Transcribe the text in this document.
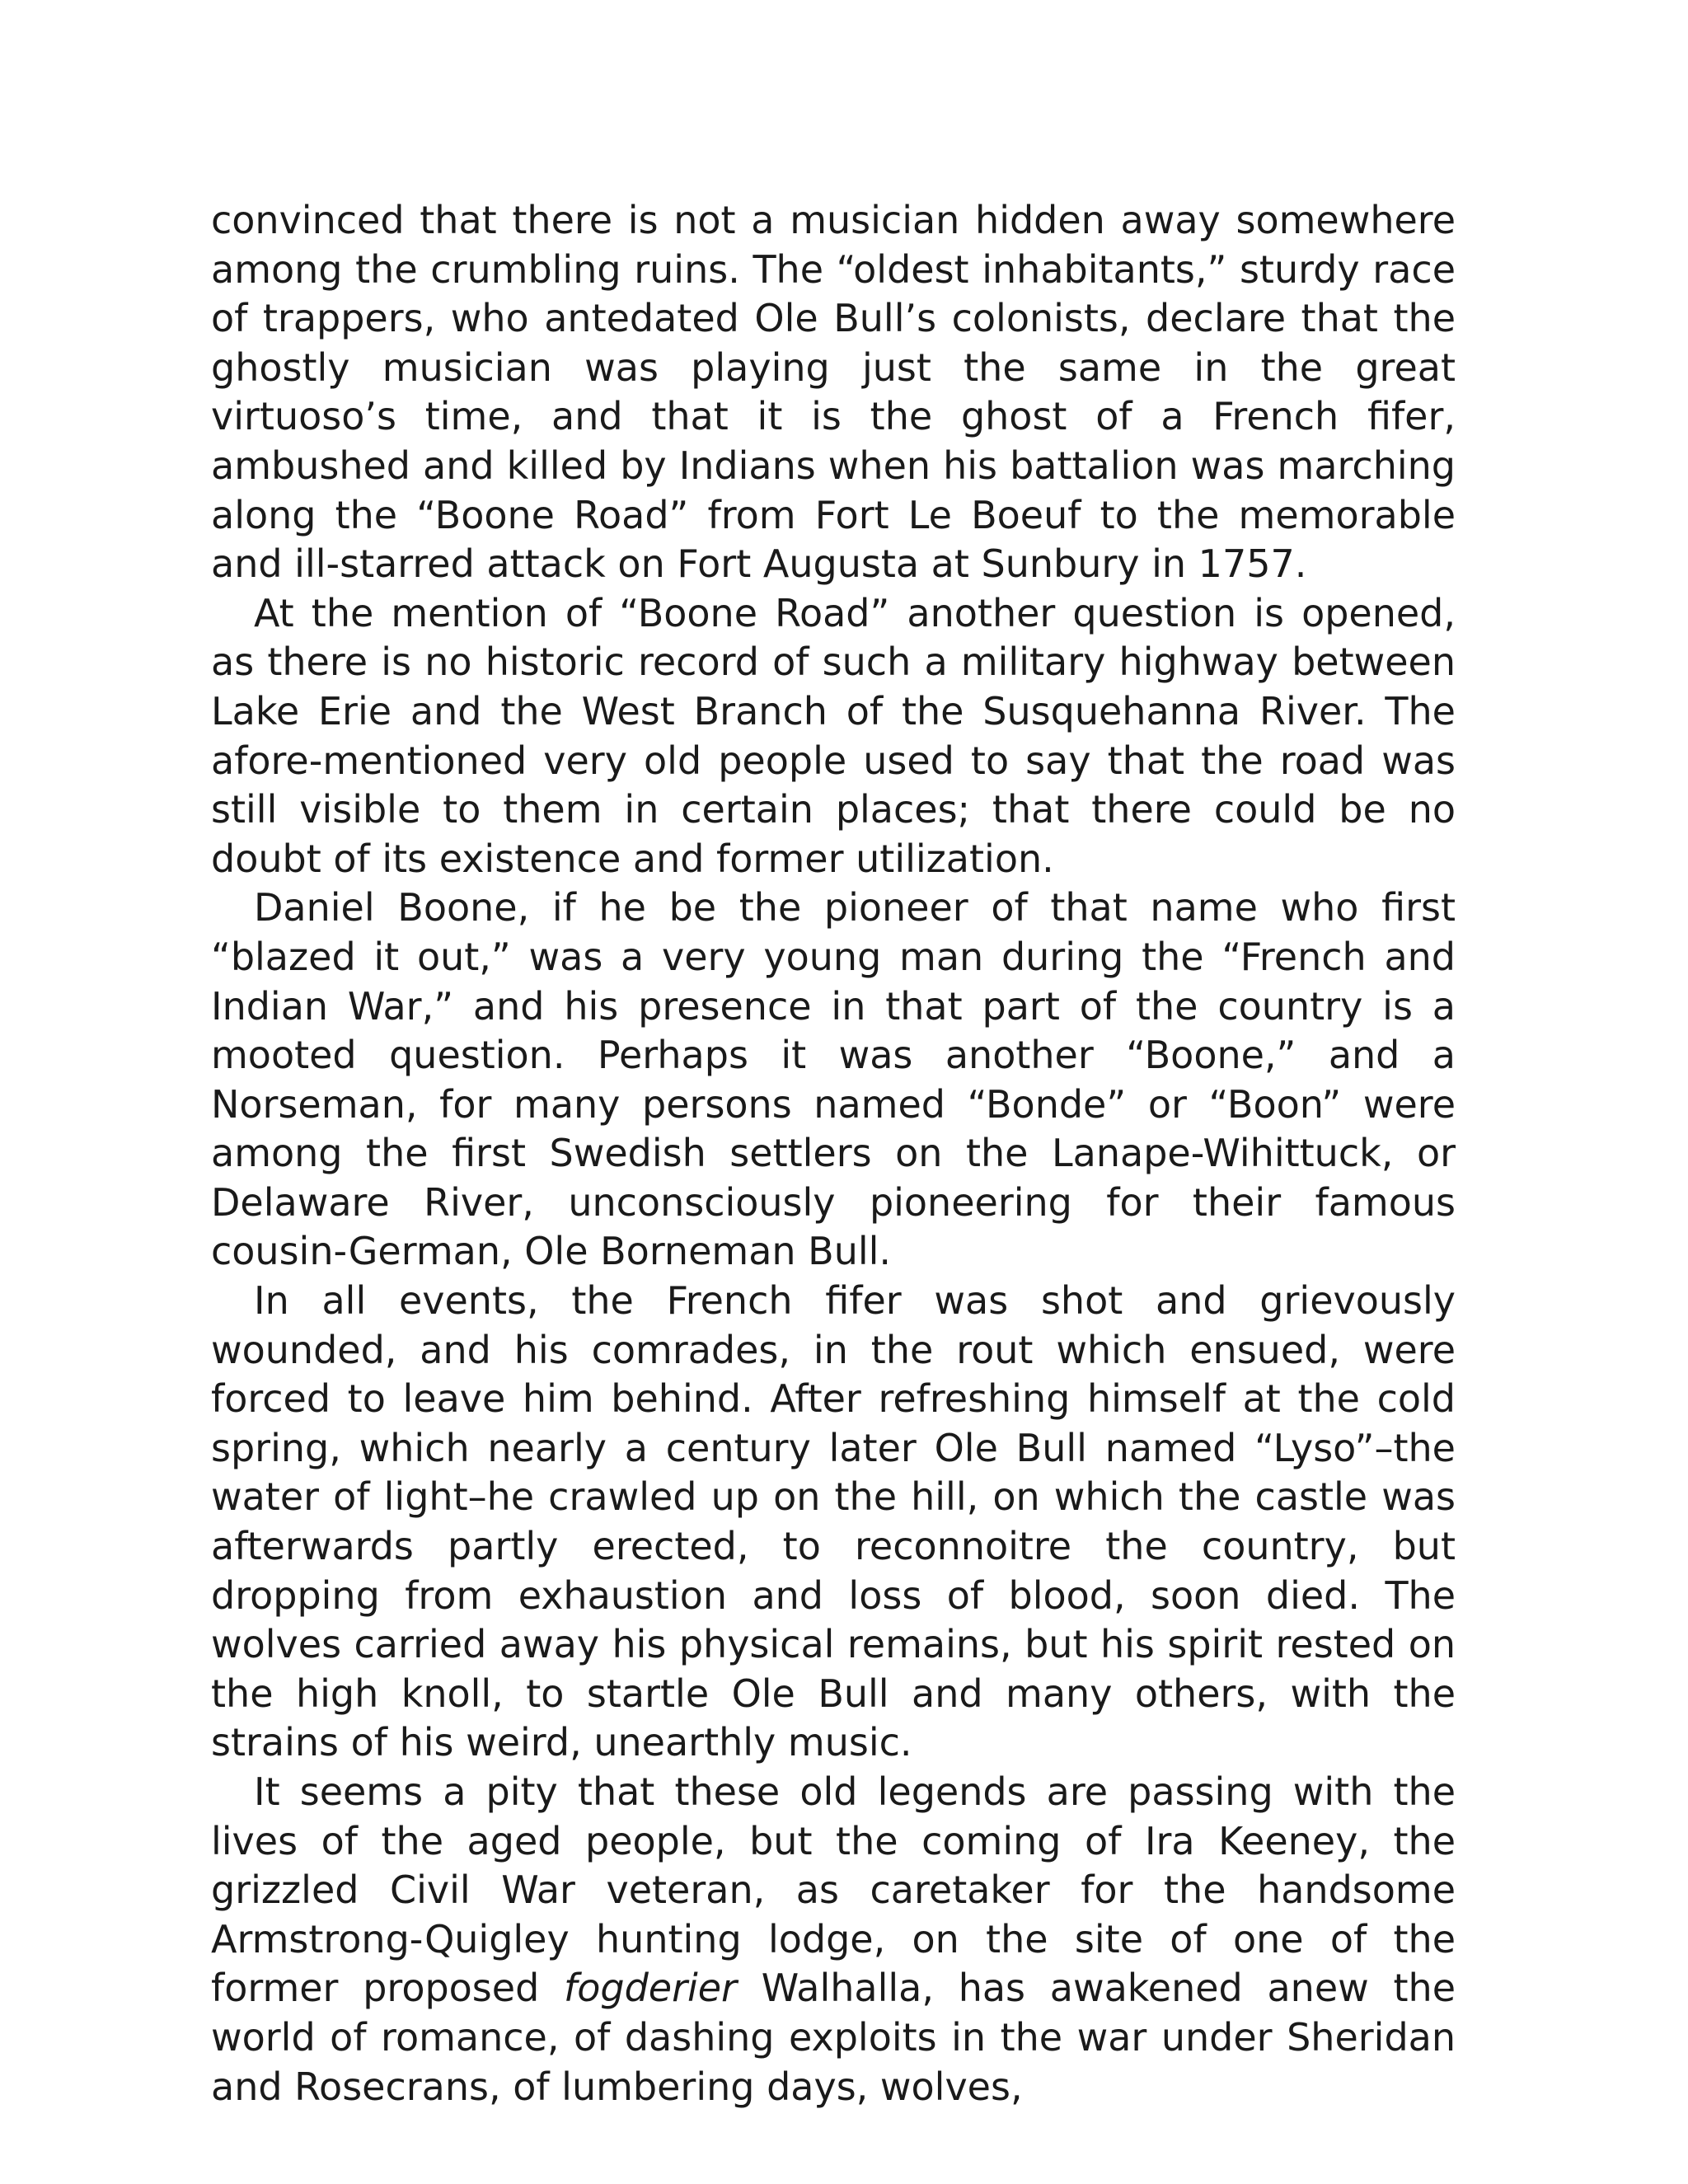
convinced that there is not a musician hidden away somewhere among the crumbling ruins. The “oldest inhabitants,” sturdy race of trappers, who antedated Ole Bull’s colonists, declare that the ghostly musician was playing just the same in the great virtuoso’s time, and that it is the ghost of a French fifer, ambushed and killed by Indians when his battalion was marching along the “Boone Road” from Fort Le Boeuf to the memorable and ill-starred attack on Fort Augusta at Sunbury in 1757.

At the mention of “Boone Road” another question is opened, as there is no historic record of such a military highway between Lake Erie and the West Branch of the Susquehanna River. The afore-mentioned very old people used to say that the road was still visible to them in certain places; that there could be no doubt of its existence and former utilization.

Daniel Boone, if he be the pioneer of that name who first “blazed it out,” was a very young man during the “French and Indian War,” and his presence in that part of the country is a mooted question. Perhaps it was another “Boone,” and a Norseman, for many persons named “Bonde” or “Boon” were among the first Swedish settlers on the Lanape-Wihittuck, or Delaware River, unconsciously pioneering for their famous cousin-German, Ole Borneman Bull.

In all events, the French fifer was shot and grievously wounded, and his comrades, in the rout which ensued, were forced to leave him behind. After refreshing himself at the cold spring, which nearly a century later Ole Bull named “Lyso”–the water of light–he crawled up on the hill, on which the castle was afterwards partly erected, to reconnoitre the country, but dropping from exhaustion and loss of blood, soon died. The wolves carried away his physical remains, but his spirit rested on the high knoll, to startle Ole Bull and many others, with the strains of his weird, unearthly music.

It seems a pity that these old legends are passing with the lives of the aged people, but the coming of Ira Keeney, the grizzled Civil War veteran, as caretaker for the handsome Armstrong-Quigley hunting lodge, on the site of one of the former proposed fogderier Walhalla, has awakened anew the world of romance, of dashing exploits in the war under Sheridan and Rosecrans, of lumbering days, wolves,
